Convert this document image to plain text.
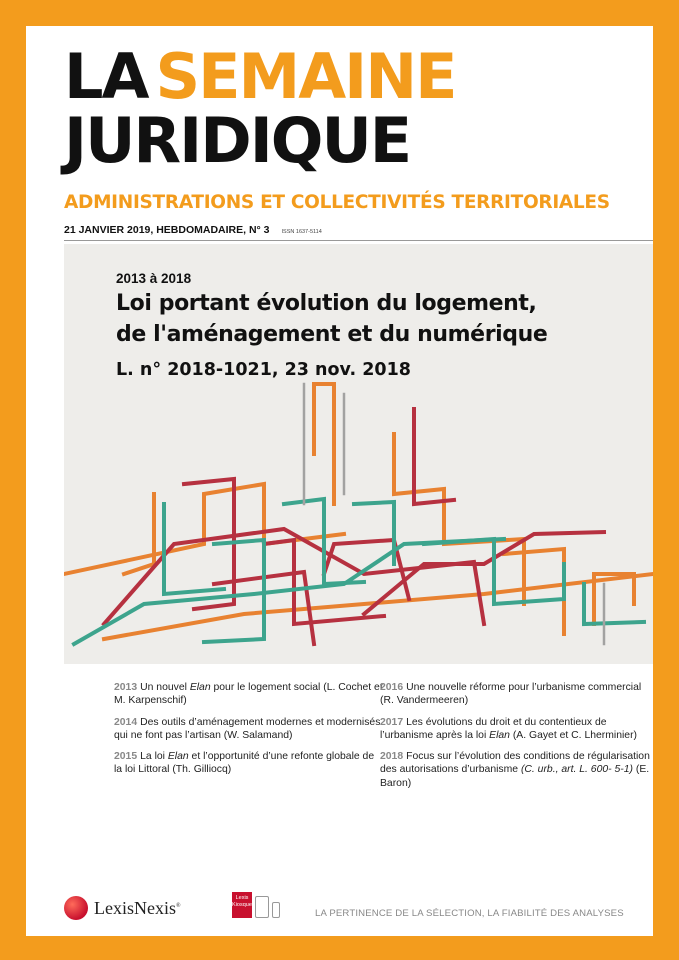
LA SEMAINE
JURIDIQUE
ADMINISTRATIONS ET COLLECTIVITÉS TERRITORIALES
21 JANVIER 2019, HEBDOMADAIRE, N° 3 ISSN 1637-5114
2013 à 2018
Loi portant évolution du logement,
de l'aménagement et du numérique
L. n° 2018-1021, 23 nov. 2018
2013 Un nouvel Elan pour le logement social (L. Cochet et M. Karpenschif)
2014 Des outils d’aménagement modernes et modernisés qui ne font pas l’artisan (W. Salamand)
2015 La loi Elan et l’opportunité d’une refonte globale de la loi Littoral (Th. Gilliocq)
2016 Une nouvelle réforme pour l’urbanisme commercial (R. Vandermeeren)
2017 Les évolutions du droit et du contentieux de l’urbanisme après la loi Elan (A. Gayet et C. Lherminier)
2018 Focus sur l’évolution des conditions de régularisation des autorisations d’urbanisme (C. urb., art. L. 600- 5-1) (E. Baron)
LexisNexis®
Lexis
Kiosque
LA PERTINENCE DE LA SÉLECTION, LA FIABILITÉ DES ANALYSES
